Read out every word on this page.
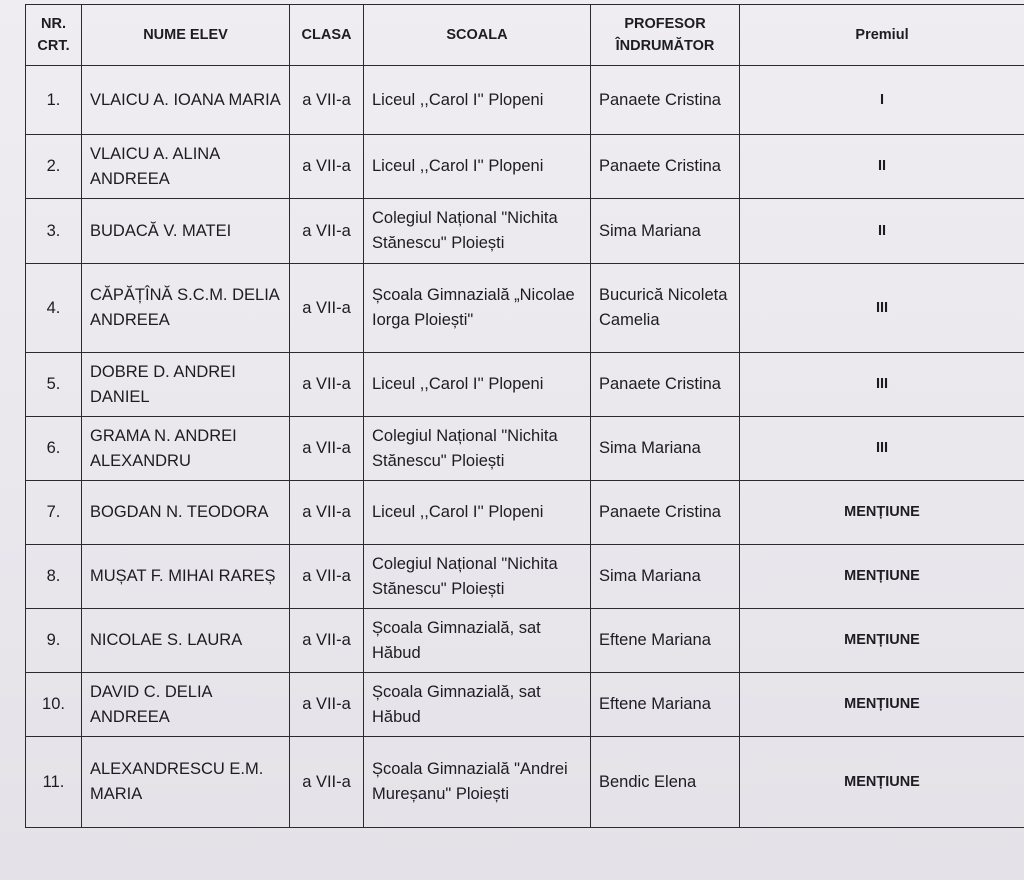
NR. CRT.	NUME ELEV	CLASA	SCOALA	PROFESOR ÎNDRUMĂTOR	Premiul
1.	VLAICU A. IOANA MARIA	a VII-a	Liceul ,,Carol I'' Plopeni	Panaete Cristina	I
2.	VLAICU A. ALINA ANDREEA	a VII-a	Liceul ,,Carol I'' Plopeni	Panaete Cristina	II
3.	BUDACĂ V. MATEI	a VII-a	Colegiul Național "Nichita Stănescu" Ploiești	Sima Mariana	II
4.	CĂPĂȚÎNĂ S.C.M. DELIA ANDREEA	a VII-a	Școala Gimnazială „Nicolae Iorga Ploiești"	Bucurică Nicoleta Camelia	III
5.	DOBRE D. ANDREI DANIEL	a VII-a	Liceul ,,Carol I'' Plopeni	Panaete Cristina	III
6.	GRAMA N. ANDREI ALEXANDRU	a VII-a	Colegiul Național "Nichita Stănescu" Ploiești	Sima Mariana	III
7.	BOGDAN N. TEODORA	a VII-a	Liceul ,,Carol I'' Plopeni	Panaete Cristina	MENȚIUNE
8.	MUȘAT F. MIHAI RAREȘ	a VII-a	Colegiul Național "Nichita Stănescu" Ploiești	Sima Mariana	MENȚIUNE
9.	NICOLAE S. LAURA	a VII-a	Școala Gimnazială, sat Hăbud	Eftene Mariana	MENȚIUNE
10.	DAVID C. DELIA ANDREEA	a VII-a	Școala Gimnazială, sat Hăbud	Eftene Mariana	MENȚIUNE
11.	ALEXANDRESCU E.M. MARIA	a VII-a	Școala Gimnazială "Andrei Mureșanu" Ploiești	Bendic Elena	MENȚIUNE
